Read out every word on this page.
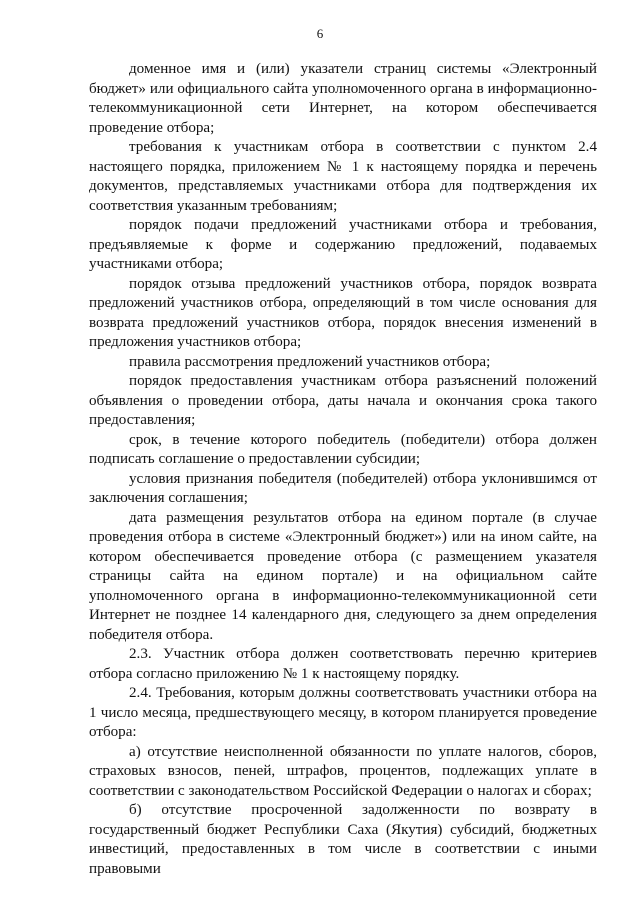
6

доменное имя и (или) указатели страниц системы «Электронный бюджет» или официального сайта уполномоченного органа в информационно-телекоммуникационной сети Интернет, на котором обеспечивается проведение отбора;

требования к участникам отбора в соответствии с пунктом 2.4 настоящего порядка, приложением № 1 к настоящему порядка и перечень документов, представляемых участниками отбора для подтверждения их соответствия указанным требованиям;

порядок подачи предложений участниками отбора и требования, предъявляемые к форме и содержанию предложений, подаваемых участниками отбора;

порядок отзыва предложений участников отбора, порядок возврата предложений участников отбора, определяющий в том числе основания для возврата предложений участников отбора, порядок внесения изменений в предложения участников отбора;

правила рассмотрения предложений участников отбора;

порядок предоставления участникам отбора разъяснений положений объявления о проведении отбора, даты начала и окончания срока такого предоставления;

срок, в течение которого победитель (победители) отбора должен подписать соглашение о предоставлении субсидии;

условия признания победителя (победителей) отбора уклонившимся от заключения соглашения;

дата размещения результатов отбора на едином портале (в случае проведения отбора в системе «Электронный бюджет») или на ином сайте, на котором обеспечивается проведение отбора (с размещением указателя страницы сайта на едином портале) и на официальном сайте уполномоченного органа в информационно-телекоммуникационной сети Интернет не позднее 14 календарного дня, следующего за днем определения победителя отбора.

2.3. Участник отбора должен соответствовать перечню критериев отбора согласно приложению № 1 к настоящему порядку.

2.4. Требования, которым должны соответствовать участники отбора на 1 число месяца, предшествующего месяцу, в котором планируется проведение отбора:

а) отсутствие неисполненной обязанности по уплате налогов, сборов, страховых взносов, пеней, штрафов, процентов, подлежащих уплате в соответствии с законодательством Российской Федерации о налогах и сборах;

б) отсутствие просроченной задолженности по возврату в государственный бюджет Республики Саха (Якутия) субсидий, бюджетных инвестиций, предоставленных в том числе в соответствии с иными правовыми
